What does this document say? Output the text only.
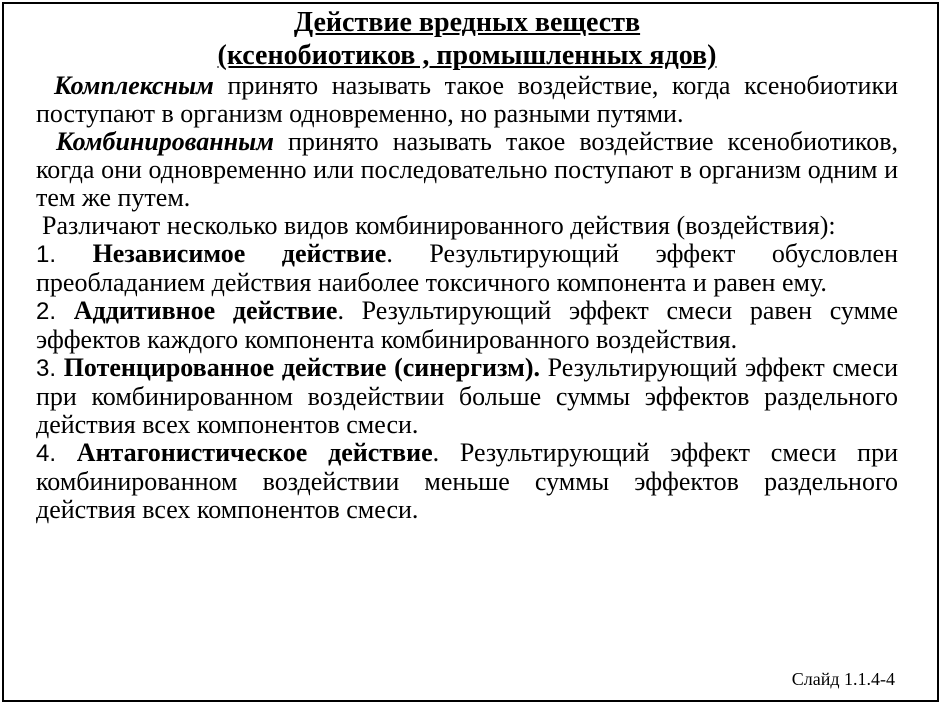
Действие вредных веществ
(ксенобиотиков , промышленных ядов)

Комплексным принято называть такое воздействие, когда ксенобиотики поступают в организм одновременно, но разными путями.

Комбинированным принято называть такое воздействие ксенобиотиков, когда они одновременно или последовательно поступают в организм одним и тем же путем.

Различают несколько видов комбинированного действия (воздействия):

1. Независимое действие. Результирующий эффект обусловлен преобладанием действия наиболее токсичного компонента и равен ему.

2. Аддитивное действие. Результирующий эффект смеси равен сумме эффектов каждого компонента комбинированного воздействия.

3. Потенцированное действие (синергизм). Результирующий эффект смеси при комбинированном воздействии больше суммы эффектов раздельного действия всех компонентов смеси.

4. Антагонистическое действие. Результирующий эффект смеси при комбинированном воздействии меньше суммы эффектов раздельного действия всех компонентов смеси.

Слайд 1.1.4-4
